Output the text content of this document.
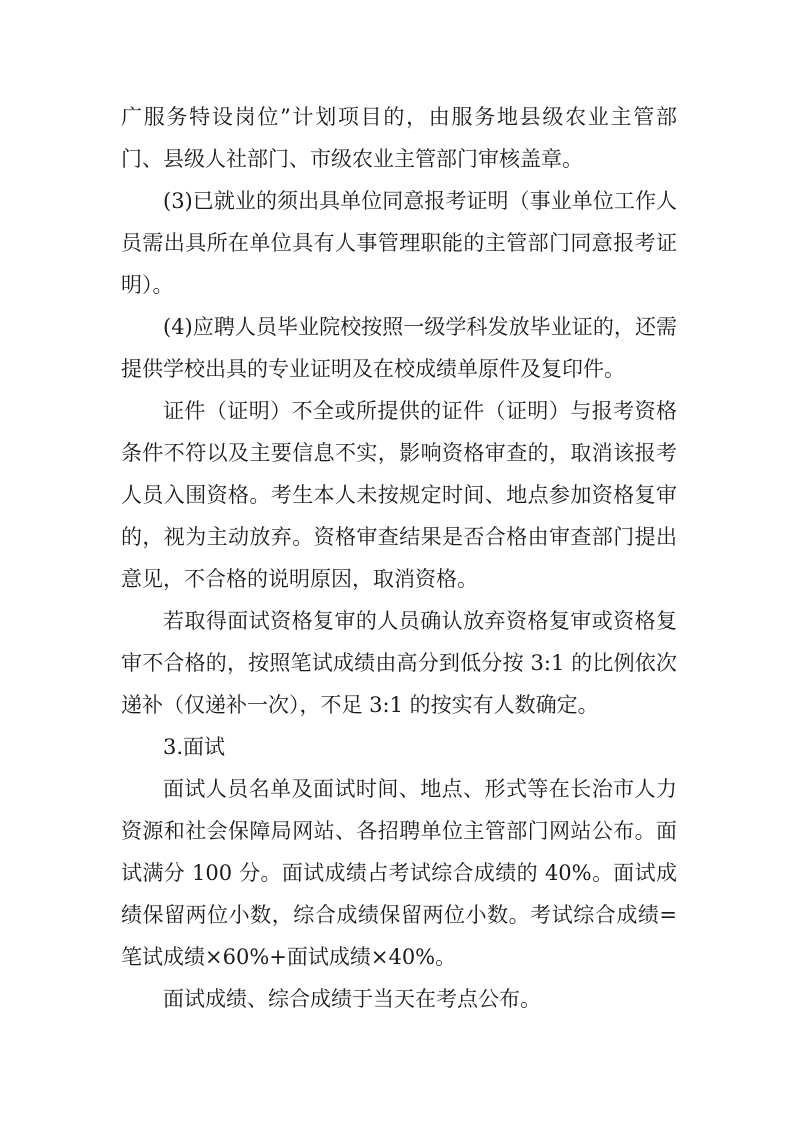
广服务特设岗位”计划项目的，由服务地县级农业主管部门、县级人社部门、市级农业主管部门审核盖章。

(3)已就业的须出具单位同意报考证明（事业单位工作人员需出具所在单位具有人事管理职能的主管部门同意报考证明）。

(4)应聘人员毕业院校按照一级学科发放毕业证的，还需提供学校出具的专业证明及在校成绩单原件及复印件。

证件（证明）不全或所提供的证件（证明）与报考资格条件不符以及主要信息不实，影响资格审查的，取消该报考人员入围资格。考生本人未按规定时间、地点参加资格复审的，视为主动放弃。资格审查结果是否合格由审查部门提出意见，不合格的说明原因，取消资格。

若取得面试资格复审的人员确认放弃资格复审或资格复审不合格的，按照笔试成绩由高分到低分按 3:1 的比例依次递补（仅递补一次），不足 3:1 的按实有人数确定。

3.面试

面试人员名单及面试时间、地点、形式等在长治市人力资源和社会保障局网站、各招聘单位主管部门网站公布。面试满分 100 分。面试成绩占考试综合成绩的 40%。面试成绩保留两位小数，综合成绩保留两位小数。考试综合成绩=笔试成绩×60%+面试成绩×40%。

面试成绩、综合成绩于当天在考点公布。
